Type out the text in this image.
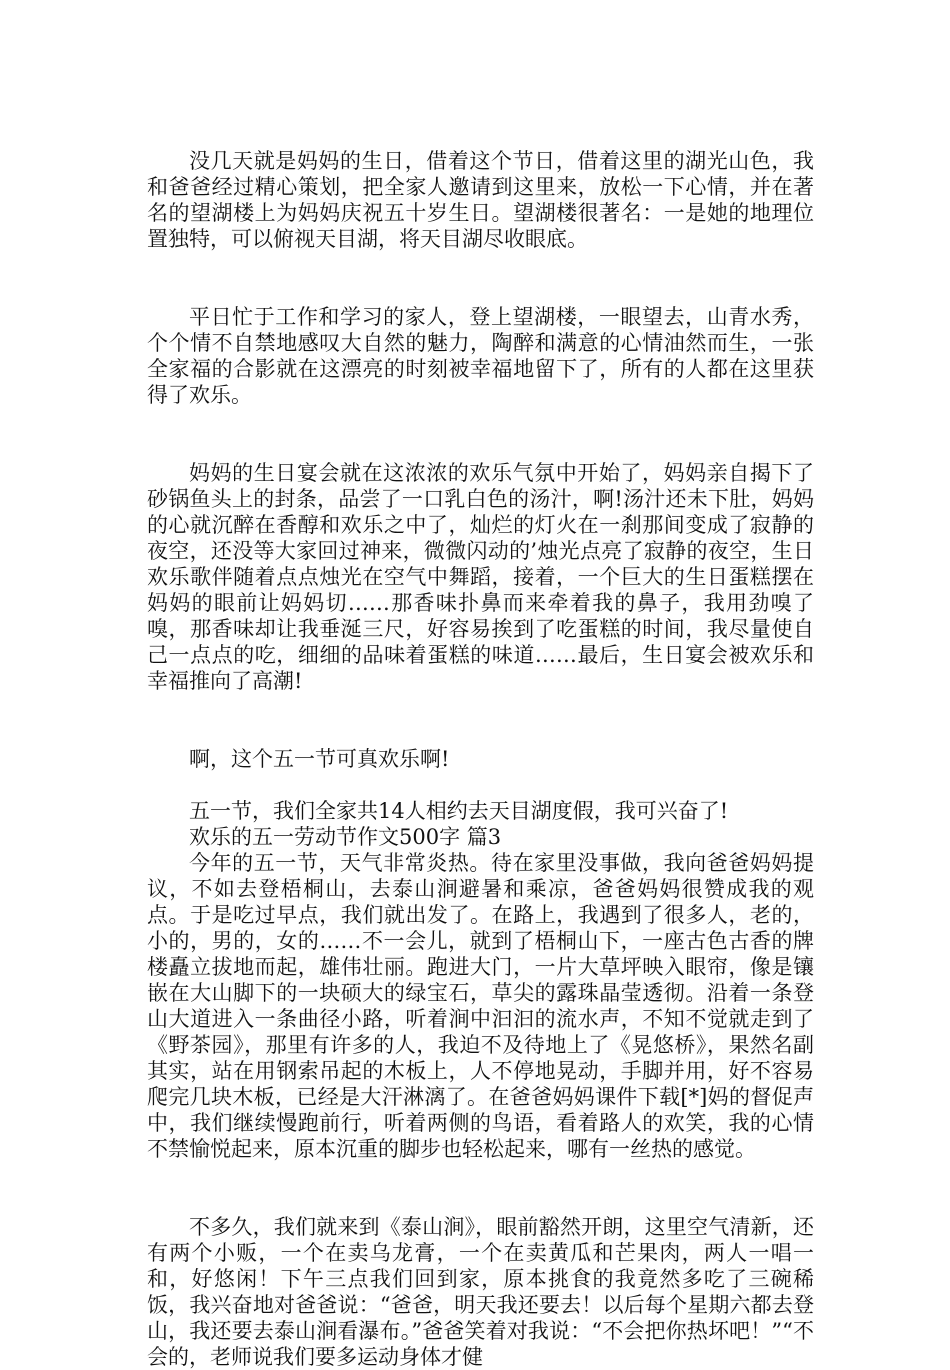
没几天就是妈妈的生日，借着这个节日，借着这里的湖光山色，我和爸爸经过精心策划，把全家人邀请到这里来，放松一下心情，并在著名的望湖楼上为妈妈庆祝五十岁生日。望湖楼很著名：一是她的地理位置独特，可以俯视天目湖，将天目湖尽收眼底。

平日忙于工作和学习的家人，登上望湖楼，一眼望去，山青水秀，个个情不自禁地感叹大自然的魅力，陶醉和满意的心情油然而生，一张全家福的合影就在这漂亮的时刻被幸福地留下了，所有的人都在这里获得了欢乐。

妈妈的生日宴会就在这浓浓的欢乐气氛中开始了，妈妈亲自揭下了砂锅鱼头上的封条，品尝了一口乳白色的汤汁，啊!汤汁还未下肚，妈妈的心就沉醉在香醇和欢乐之中了，灿烂的灯火在一刹那间变成了寂静的夜空，还没等大家回过神来，微微闪动的’烛光点亮了寂静的夜空，生日欢乐歌伴随着点点烛光在空气中舞蹈，接着，一个巨大的生日蛋糕摆在妈妈的眼前让妈妈切……那香味扑鼻而来牵着我的鼻子，我用劲嗅了嗅，那香味却让我垂涎三尺，好容易挨到了吃蛋糕的时间，我尽量使自己一点点的吃，细细的品味着蛋糕的味道……最后，生日宴会被欢乐和幸福推向了高潮!

啊，这个五一节可真欢乐啊!

五一节，我们全家共14人相约去天目湖度假，我可兴奋了!

欢乐的五一劳动节作文500字 篇3

今年的五一节，天气非常炎热。待在家里没事做，我向爸爸妈妈提议，不如去登梧桐山，去泰山涧避暑和乘凉，爸爸妈妈很赞成我的观点。于是吃过早点，我们就出发了。在路上，我遇到了很多人，老的，小的，男的，女的……不一会儿，就到了梧桐山下，一座古色古香的牌楼矗立拔地而起，雄伟壮丽。跑进大门，一片大草坪映入眼帘，像是镶嵌在大山脚下的一块硕大的绿宝石，草尖的露珠晶莹透彻。沿着一条登山大道进入一条曲径小路，听着涧中汩汩的流水声，不知不觉就走到了《野茶园》，那里有许多的人，我迫不及待地上了《晃悠桥》，果然名副其实，站在用钢索吊起的木板上，人不停地晃动，手脚并用，好不容易爬完几块木板，已经是大汗淋漓了。在爸爸妈妈课件下载[*]妈的督促声中，我们继续慢跑前行，听着两侧的鸟语，看着路人的欢笑，我的心情不禁愉悦起来，原本沉重的脚步也轻松起来，哪有一丝热的感觉。

不多久，我们就来到《泰山涧》，眼前豁然开朗，这里空气清新，还有两个小贩，一个在卖乌龙膏，一个在卖黄瓜和芒果肉，两人一唱一和，好悠闲！下午三点我们回到家，原本挑食的我竟然多吃了三碗稀饭，我兴奋地对爸爸说：“爸爸，明天我还要去！以后每个星期六都去登山，我还要去泰山涧看瀑布。”爸爸笑着对我说：“不会把你热坏吧！”“不会的，老师说我们要多运动身体才健
